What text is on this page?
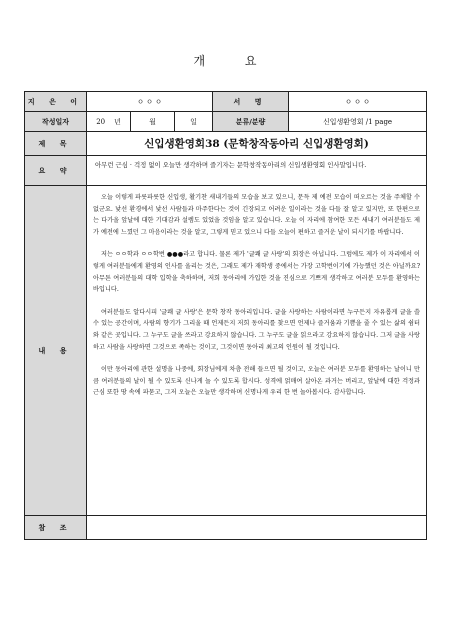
개 요
지 은 이	ㅇ ㅇ ㅇ			서 명	ㅇ ㅇ ㅇ
작성일자	20 년	월	일	분류/분량	신입생환영회 /1 page
제 목	신입생환영회38 (문학창작동아리 신입생환영회)				
요 약	아무런 근심 · 걱정 없이 오늘만 생각하며 즐기자는 문학창작동아리의 신입생환영회 인사말입니다.				
내 용	오늘 이렇게 파릇파릇한 신입생, 활기찬 새내기들의 모습을 보고 있으니, 문득 제 예전 모습이 떠오르는 것을 주체할 수 없군요. 낯선 환경에서 낯선 사람들과 마주한다는 것이 긴장되고 어려운 일이라는 것을 다들 잘 알고 있지만, 또 한편으로는 다가올 앞날에 대한 기대감과 설렘도 있었을 것임을 알고 있습니다. 오늘 이 자리에 참여한 모든 새내기 여러분들도 제가 예전에 느꼈던 그 마음이라는 것을 알고, 그렇게 믿고 있으니 다들 오늘이 편하고 즐거운 날이 되시기를 바랍니다.

저는 ㅇㅇ학과 ㅇㅇ학번 ●●●라고 합니다. 물론 제가 '글쾌 글 사랑'의 회장은 아닙니다. 그럼에도 제가 이 자리에서 이렇게 여러분들에게 환영의 인사를 올리는 것은, 그래도 제가 재학생 중에서는 가장 고학번이기에 가능했던 것은 아닐까요? 아무튼 여러분들의 대학 입학을 축하하며, 저희 동아리에 가입한 것을 진심으로 기쁘게 생각하고 여러분 모두를 환영하는 바입니다.

여러분들도 알다시피 '글쾌 글 사랑'은 문학 창작 동아리입니다. 글을 사랑하는 사람이라면 누구든지 자유롭게 글을 쓸 수 있는 공간이며, 사람의 향기가 그리울 때 언제든지 저희 동아리를 찾으면 언제나 즐거움과 기쁨을 줄 수 있는 삶의 쉼터와 같은 곳입니다. 그 누구도 글을 쓰라고 강요하지 않습니다. 그 누구도 글을 읽으라고 강요하지 않습니다. 그저 글을 사랑하고 사람을 사랑하면 그것으로 족하는 것이고, 그것이면 동아리 최고의 인원이 될 것입니다.

이만 동아리에 관한 설명을 나중에, 회장님에게 차츰 전해 들으면 될 것이고, 오늘은 여러분 모두를 환영하는 날이니 만큼 여러분들의 날이 될 수 있도록 신나게 놀 수 있도록 합시다. 성격에 얽매여 살아온 과거는 버리고, 앞날에 대한 걱정과 근심 또한 땅 속에 파묻고, 그저 오늘은 오늘만 생각하며 신명나게 우리 한 번 놀아봅시다. 감사합니다.				

참 조					
